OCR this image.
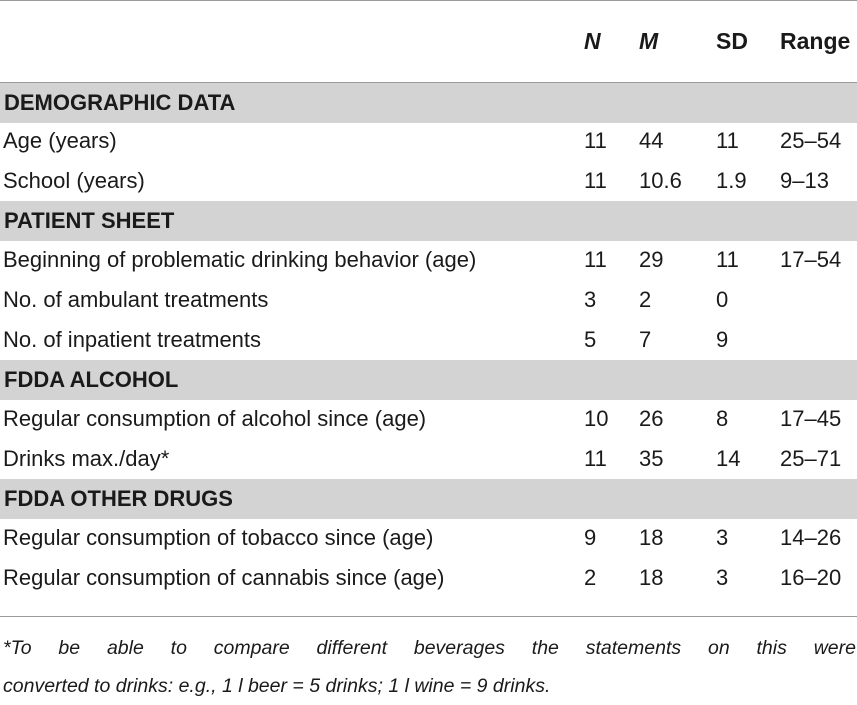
N M	SD Range
DEMOGRAPHIC DATA
Age (years)	11 44 11 25–54
School (years)	11 10.6 1.9 9–13
PATIENT SHEET
Beginning of problematic drinking behavior (age)	11 29 11 17–54
No. of ambulant treatments	3 2	0
No. of inpatient treatments	5 7	9
FDDA ALCOHOL
Regular consumption of alcohol since (age)	10 26 8 17–45
Drinks max./day*	11 35 14 25–71
FDDA OTHER DRUGS
Regular consumption of tobacco since (age)	9 18 3 14–26
Regular consumption of cannabis since (age)	2 18 3 16–20
*To be able to compare different beverages the statements on this were
converted to drinks: e.g., 1 l beer = 5 drinks; 1 l wine = 9 drinks.
